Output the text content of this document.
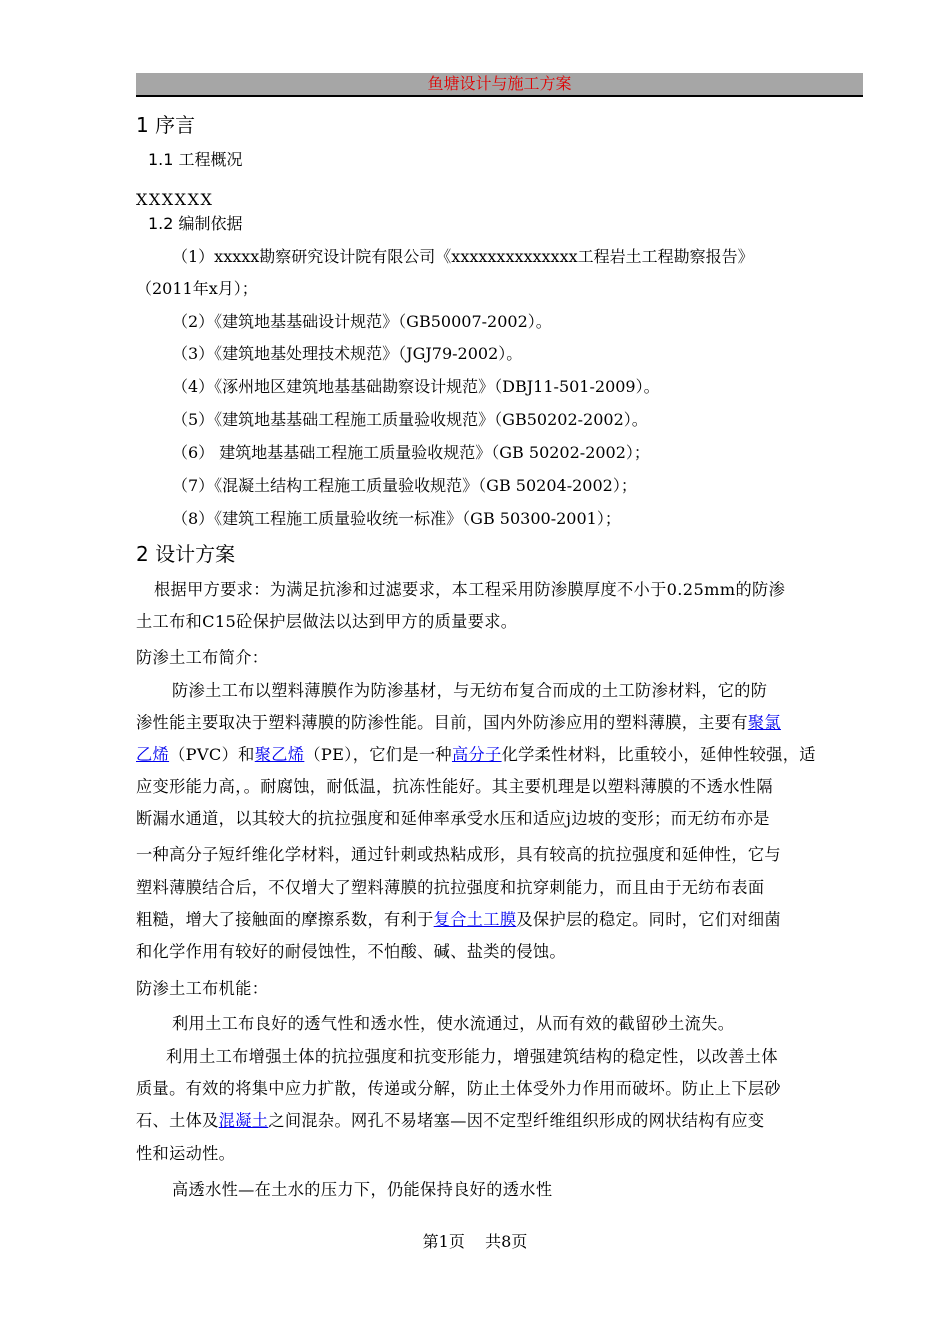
鱼塘设计与施工方案
1 序言
1.1 工程概况
XXXXXX
1.2 编制依据
（1）xxxxx勘察研究设计院有限公司《xxxxxxxxxxxxxx工程岩土工程勘察报告》
（2011年x月）；
（2）《建筑地基基础设计规范》（GB50007-2002）。
（3）《建筑地基处理技术规范》（JGJ79-2002）。
（4）《涿州地区建筑地基基础勘察设计规范》（DBJ11-501-2009）。
（5）《建筑地基基础工程施工质量验收规范》（GB50202-2002）。
（6） 建筑地基基础工程施工质量验收规范》（GB 50202-2002）；
（7）《混凝土结构工程施工质量验收规范》（GB 50204-2002）；
（8）《建筑工程施工质量验收统一标准》（GB 50300-2001）；
2 设计方案
根据甲方要求：为满足抗渗和过滤要求，本工程采用防渗膜厚度不小于0.25mm的防渗
土工布和C15砼保护层做法以达到甲方的质量要求。
防渗土工布简介：
防渗土工布以塑料薄膜作为防渗基材，与无纺布复合而成的土工防渗材料，它的防
渗性能主要取决于塑料薄膜的防渗性能。目前，国内外防渗应用的塑料薄膜，主要有聚氯
乙烯（PVC）和聚乙烯（PE），它们是一种高分子化学柔性材料，比重较小，延伸性较强，适
应变形能力高，。耐腐蚀，耐低温，抗冻性能好。其主要机理是以塑料薄膜的不透水性隔
断漏水通道，以其较大的抗拉强度和延伸率承受水压和适应j边坡的变形；而无纺布亦是
一种高分子短纤维化学材料，通过针刺或热粘成形，具有较高的抗拉强度和延伸性，它与
塑料薄膜结合后，不仅增大了塑料薄膜的抗拉强度和抗穿刺能力，而且由于无纺布表面
粗糙，增大了接触面的摩擦系数，有利于复合土工膜及保护层的稳定。同时，它们对细菌
和化学作用有较好的耐侵蚀性，不怕酸、碱、盐类的侵蚀。
防渗土工布机能：
利用土工布良好的透气性和透水性，使水流通过，从而有效的截留砂土流失。
利用土工布增强土体的抗拉强度和抗变形能力，增强建筑结构的稳定性，以改善土体
质量。有效的将集中应力扩散，传递或分解，防止土体受外力作用而破坏。防止上下层砂
石、土体及混凝土之间混杂。网孔不易堵塞—因不定型纤维组织形成的网状结构有应变
性和运动性。
高透水性—在土水的压力下，仍能保持良好的透水性
第1页    共8页
